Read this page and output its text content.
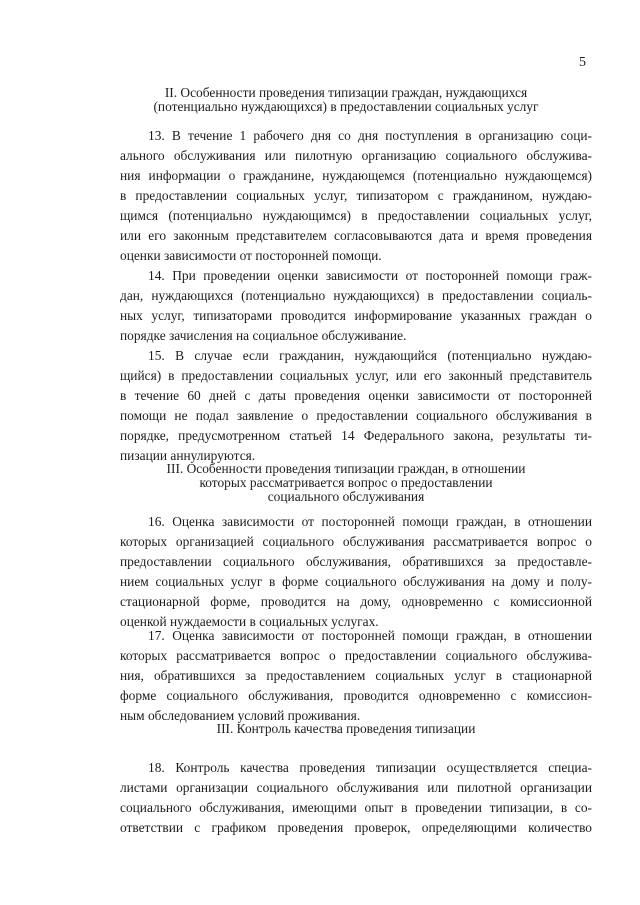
5
II. Особенности проведения типизации граждан, нуждающихся
(потенциально нуждающихся) в предоставлении социальных услуг
13. В течение 1 рабочего дня со дня поступления в организацию соци-
ального обслуживания или пилотную организацию социального обслужива-
ния информации о гражданине, нуждающемся (потенциально нуждающемся)
в предоставлении социальных услуг, типизатором с гражданином, нуждаю-
щимся (потенциально нуждающимся) в предоставлении социальных услуг,
или его законным представителем согласовываются дата и время проведения
оценки зависимости от посторонней помощи.
14. При проведении оценки зависимости от посторонней помощи граж-
дан, нуждающихся (потенциально нуждающихся) в предоставлении социаль-
ных услуг, типизаторами проводится информирование указанных граждан о
порядке зачисления на социальное обслуживание.
15. В случае если гражданин, нуждающийся (потенциально нуждаю-
щийся) в предоставлении социальных услуг, или его законный представитель
в течение 60 дней с даты проведения оценки зависимости от посторонней
помощи не подал заявление о предоставлении социального обслуживания в
порядке, предусмотренном статьей 14 Федерального закона, результаты ти-
пизации аннулируются.
III. Особенности проведения типизации граждан, в отношении
которых рассматривается вопрос о предоставлении
социального обслуживания
16. Оценка зависимости от посторонней помощи граждан, в отношении
которых организацией социального обслуживания рассматривается вопрос о
предоставлении социального обслуживания, обратившихся за предоставле-
нием социальных услуг в форме социального обслуживания на дому и полу-
стационарной форме, проводится на дому, одновременно с комиссионной
оценкой нуждаемости в социальных услугах.
17. Оценка зависимости от посторонней помощи граждан, в отношении
которых рассматривается вопрос о предоставлении социального обслужива-
ния, обратившихся за предоставлением социальных услуг в стационарной
форме социального обслуживания, проводится одновременно с комиссион-
ным обследованием условий проживания.
III. Контроль качества проведения типизации
18. Контроль качества проведения типизации осуществляется специа-
листами организации социального обслуживания или пилотной организации
социального обслуживания, имеющими опыт в проведении типизации, в со-
ответствии с графиком проведения проверок, определяющими количество
